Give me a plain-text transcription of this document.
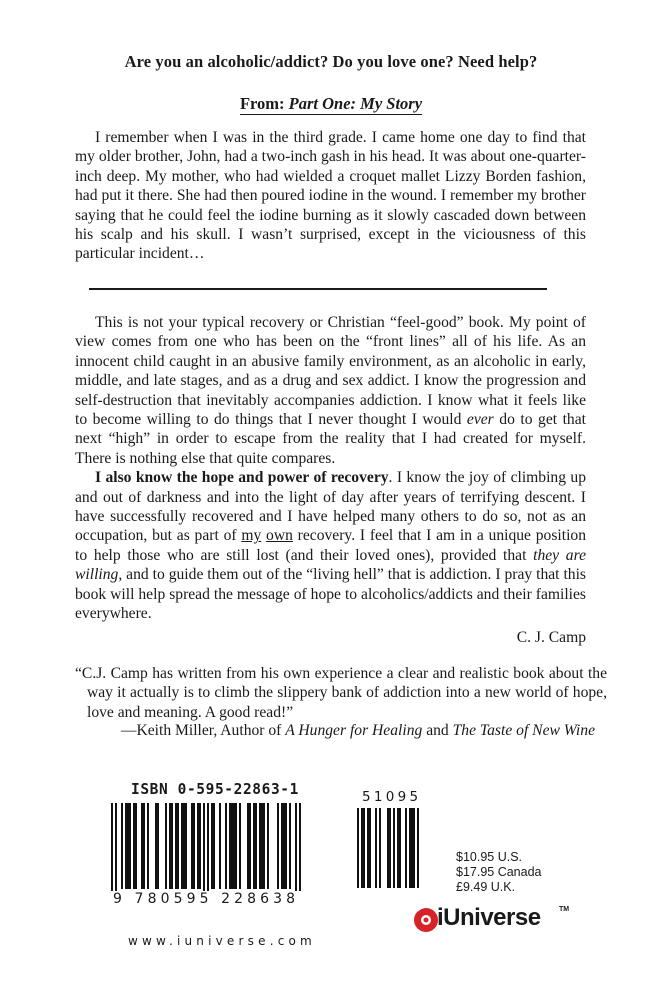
Are you an alcoholic/addict? Do you love one? Need help?
From: Part One: My Story

I remember when I was in the third grade. I came home one day to find that my older brother, John, had a two-inch gash in his head. It was about one-quarter-inch deep. My mother, who had wielded a croquet mallet Lizzy Borden fashion, had put it there. She had then poured iodine in the wound. I remember my brother saying that he could feel the iodine burning as it slowly cascaded down between his scalp and his skull. I wasn’t surprised, except in the viciousness of this particular incident…

This is not your typical recovery or Christian “feel-good” book. My point of view comes from one who has been on the “front lines” all of his life. As an innocent child caught in an abusive family environment, as an alcoholic in early, middle, and late stages, and as a drug and sex addict. I know the progression and self-destruction that inevitably accompanies addiction. I know what it feels like to become willing to do things that I never thought I would ever do to get that next “high” in order to escape from the reality that I had created for myself. There is nothing else that quite compares.

I also know the hope and power of recovery. I know the joy of climbing up and out of darkness and into the light of day after years of terrifying descent. I have successfully recovered and I have helped many others to do so, not as an occupation, but as part of my own recovery. I feel that I am in a unique position to help those who are still lost (and their loved ones), provided that they are willing, and to guide them out of the “living hell” that is addiction. I pray that this book will help spread the message of hope to alcoholics/addicts and their families everywhere.

C. J. Camp
“C.J. Camp has written from his own experience a clear and realistic book about the way it actually is to climb the slippery bank of addiction into a new world of hope, love and meaning. A good read!”
—Keith Miller, Author of A Hunger for Healing and The Taste of New Wine
ISBN 0-595-22863-1	51095
9 780595 228638
$10.95 U.S.
$17.95 Canada
£9.49 U.K.
iUniverse	TM
www.iuniverse.com
